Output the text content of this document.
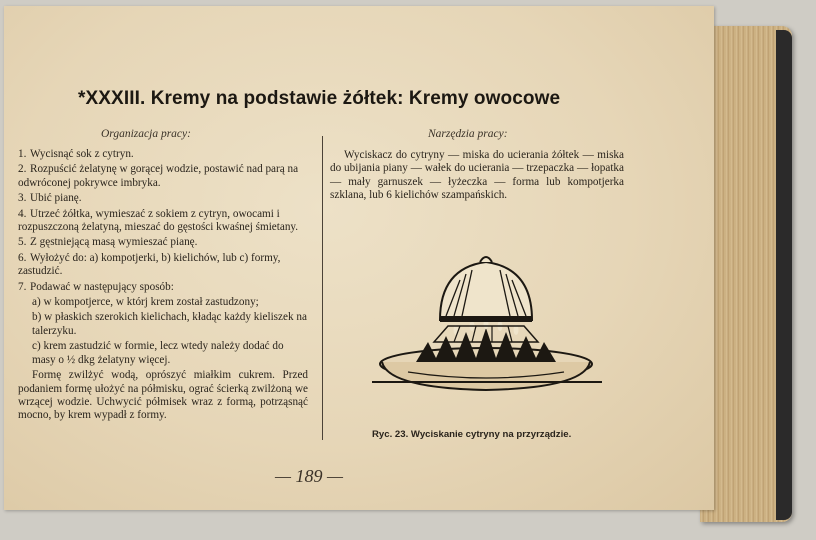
*XXXIII. Kremy na podstawie żółtek: Kremy owocowe
Organizacja pracy:	Narzędzia pracy:
1. Wycisnąć sok z cytryn.
2. Rozpuścić żelatynę w gorącej wodzie, postawić nad parą na odwróconej pokrywce imbryka.
3. Ubić pianę.
4. Utrzeć żółtka, wymieszać z sokiem z cytryn, owocami i rozpuszczoną żelatyną, mieszać do gęstości kwaśnej śmietany.
5. Z gęstniejącą masą wymieszać pianę.
6. Wyłożyć do: a) kompotjerki, b) kielichów, lub c) formy, zastudzić.
7. Podawać w następujący sposób:
a) w kompotjerce, w którj krem został zastudzony;
b) w płaskich szerokich kielichach, kładąc każdy kieliszek na talerzyku.
c) krem zastudzić w formie, lecz wtedy należy dodać do masy o ½ dkg żelatyny więcej.
Formę zwilżyć wodą, oprószyć miałkim cukrem. Przed podaniem formę ułożyć na półmisku, ograć ścierką zwilżoną we wrzącej wodzie. Uchwycić półmisek wraz z formą, potrząsnąć mocno, by krem wypadł z formy.
Wyciskacz do cytryny — miska do ucierania żółtek — miska do ubijania piany — wałek do ucierania — trzepaczka — łopatka — mały garnuszek — łyżeczka — forma lub kompotjerka szklana, lub 6 kielichów szampańskich.
Ryc. 23. Wyciskanie cytryny na przyrządzie.
— 189 —
